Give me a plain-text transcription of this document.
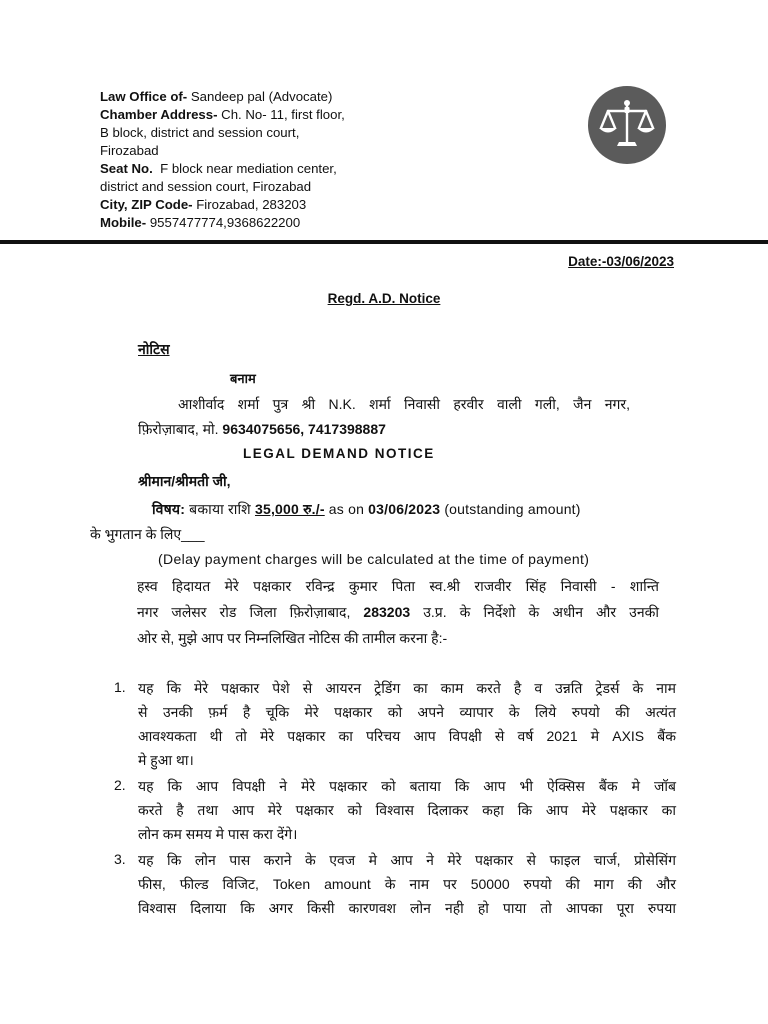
Law Office of- Sandeep pal (Advocate)
Chamber Address- Ch. No- 11, first floor,
B block, district and session court,
Firozabad
Seat No.  F block near mediation center,
district and session court, Firozabad
City, ZIP Code- Firozabad, 283203
Mobile- 9557477774,9368622200
Date:-03/06/2023
Regd. A.D. Notice
नोटिस
बनाम
आशीर्वाद शर्मा पुत्र श्री N.K. शर्मा निवासी हरवीर वाली गली, जैन नगर,
फ़िरोज़ाबाद, मो. 9634075656, 7417398887
LEGAL DEMAND NOTICE
श्रीमान/श्रीमती जी,
विषय: बकाया राशि 35,000 रु./- as on 03/06/2023 (outstanding amount)
के भुगतान के लिए___
(Delay payment charges will be calculated at the time of payment)
हस्व हिदायत मेरे पक्षकार रविन्द्र कुमार पिता स्व.श्री राजवीर सिंह निवासी - शान्ति
नगर जलेसर रोड जिला फ़िरोज़ाबाद, 283203 उ.प्र. के निर्देशो के अधीन और उनकी
ओर से, मुझे आप पर निम्नलिखित नोटिस की तामील करना है:-
1. यह कि मेरे पक्षकार पेशे से आयरन ट्रेडिंग का काम करते है व उन्नति ट्रेडर्स के नाम
से उनकी फ़र्म है चूकि मेरे पक्षकार को अपने व्यापार के लिये रुपयो की अत्यंत
आवश्यकता थी तो मेरे पक्षकार का परिचय आप विपक्षी से वर्ष 2021 मे AXIS बैंक
मे हुआ था।
2. यह कि आप विपक्षी ने मेरे पक्षकार को बताया कि आप भी ऐक्सिस बैंक मे जॉब
करते है तथा आप मेरे पक्षकार को विश्वास दिलाकर कहा कि आप मेरे पक्षकार का
लोन कम समय मे पास करा देंगे।
3. यह कि लोन पास कराने के एवज मे आप ने मेरे पक्षकार से फाइल चार्ज, प्रोसेसिंग
फीस, फील्ड विजिट, Token amount के नाम पर 50000 रुपयो की माग की और
विश्वास दिलाया कि अगर किसी कारणवश लोन नही हो पाया तो आपका पूरा रुपया
